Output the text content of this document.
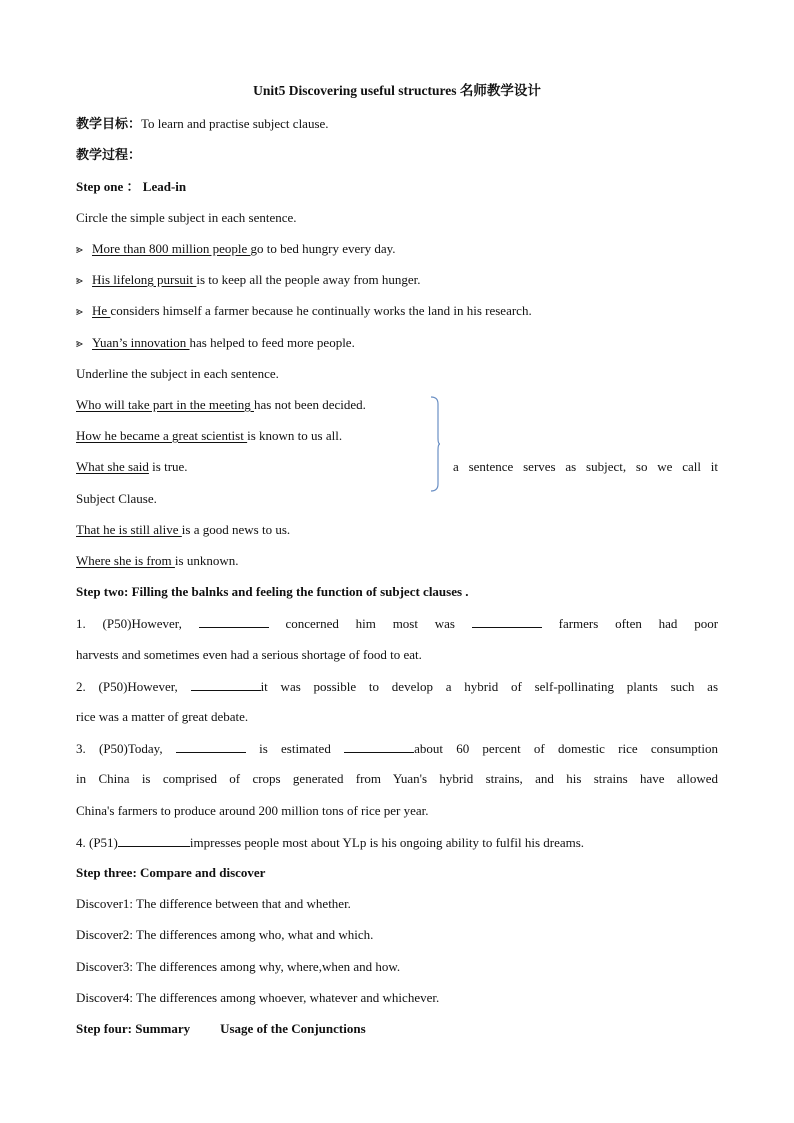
Unit5 Discovering useful structures 名师教学设计
教学目标：To learn and practise subject clause.
教学过程：
Step one ： Lead-in
Circle the simple subject in each sentence.
⪢ More than 800 million people go to bed hungry every day.
⪢ His lifelong pursuit is to keep all the people away from hunger.
⪢ He considers himself a farmer because he continually works the land in his research.
⪢ Yuan’s innovation has helped to feed more people.
Underline the subject in each sentence.
Who will take part in the meeting has not been decided.
How he became a great scientist is known to us all.
What she said is true.	a sentence serves as subject, so we call it
Subject Clause.
That he is still alive is a good news to us.
Where she is from is unknown.
Step two: Filling the balnks and feeling the function of subject clauses .
1. (P50)However,	concerned him most was	farmers often had poor
harvests and sometimes even had a serious shortage of food to eat.
2. (P50)However,	it was possible to develop a hybrid of self-pollinating plants such as
rice was a matter of great debate.
3. (P50)Today,	is estimated	about 60 percent of domestic rice consumption
in China is comprised of crops generated from Yuan's hybrid strains, and his strains have allowed
China's farmers to produce around 200 million tons of rice per year.
4. (P51)	impresses people most about YLp is his ongoing ability to fulfil his dreams.
Step three: Compare and discover
Discover1: The difference between that and whether.
Discover2: The differences among who, what and which.
Discover3: The differences among why, where,when and how.
Discover4: The differences among whoever, whatever and whichever.
Step four: Summary Usage of the Conjunctions
